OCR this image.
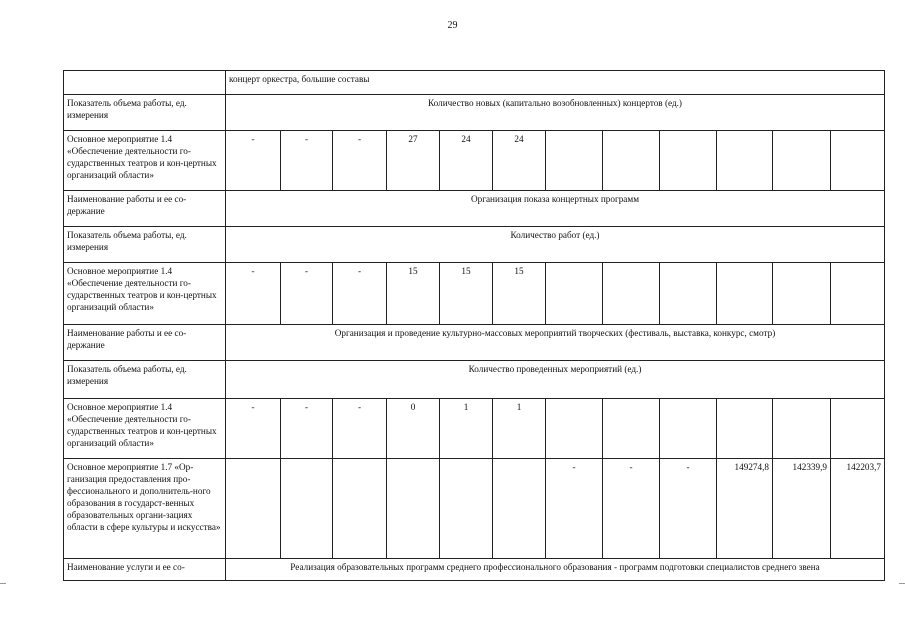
29
	концерт оркестра, большие составы											
Показатель объема работы, ед. измерения	Количество новых (капитально возобновленных) концертов (ед.)											
Основное мероприятие 1.4 «Обеспечение деятельности го-сударственных театров и кон-цертных организаций области»	-	-	-	27	24	24						
Наименование работы и ее со-держание	Организация показа концертных программ											
Показатель объема работы, ед. измерения	Количество работ (ед.)											
Основное мероприятие 1.4 «Обеспечение деятельности го-сударственных театров и кон-цертных организаций области»	-	-	-	15	15	15						
Наименование работы и ее со-держание	Организация и проведение культурно-массовых мероприятий творческих (фестиваль, выставка, конкурс, смотр)											
Показатель объема работы, ед. измерения	Количество проведенных мероприятий (ед.)											
Основное мероприятие 1.4 «Обеспечение деятельности го-сударственных театров и кон-цертных организаций области»	-	-	-	0	1	1						
Основное мероприятие 1.7 «Ор-ганизация предоставления про-фессионального и дополнитель-ного образования в государст-венных образовательных органи-зациях области в сфере культуры и искусства»							-	-	-	149274,8	142339,9	142203,7
Наименование услуги и ее со-	Реализация образовательных программ среднего профессионального образования - программ подготовки специалистов среднего звена											
